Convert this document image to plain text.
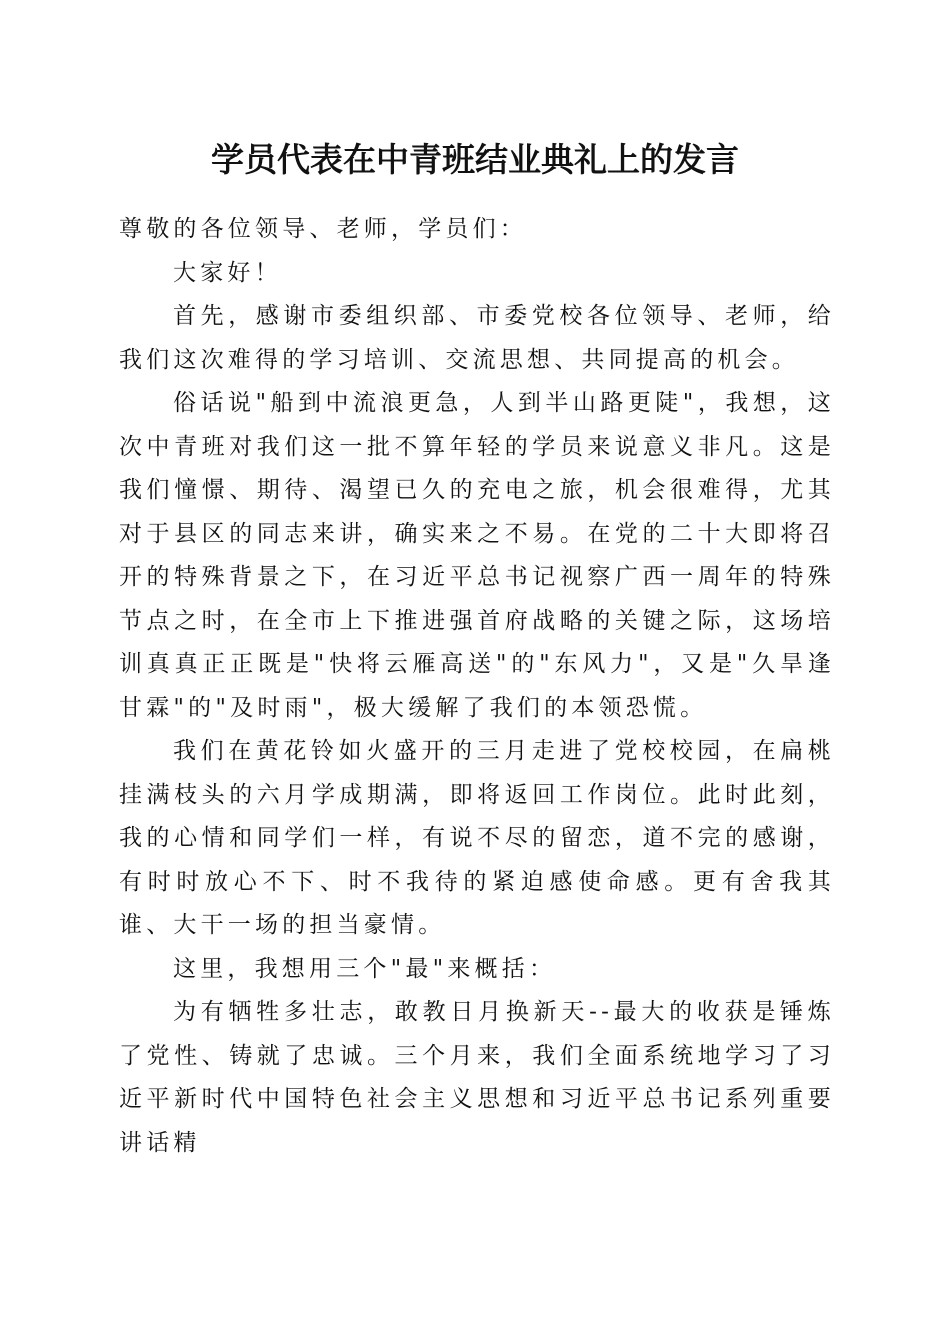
学员代表在中青班结业典礼上的发言

尊敬的各位领导、老师，学员们：

大家好！

首先，感谢市委组织部、市委党校各位领导、老师，给我们这次难得的学习培训、交流思想、共同提高的机会。

俗话说"船到中流浪更急，人到半山路更陡"，我想，这次中青班对我们这一批不算年轻的学员来说意义非凡。这是我们憧憬、期待、渴望已久的充电之旅，机会很难得，尤其对于县区的同志来讲，确实来之不易。在党的二十大即将召开的特殊背景之下，在习近平总书记视察广西一周年的特殊节点之时，在全市上下推进强首府战略的关键之际，这场培训真真正正既是"快将云雁高送"的"东风力"，又是"久旱逢甘霖"的"及时雨"，极大缓解了我们的本领恐慌。

我们在黄花铃如火盛开的三月走进了党校校园，在扁桃挂满枝头的六月学成期满，即将返回工作岗位。此时此刻，我的心情和同学们一样，有说不尽的留恋，道不完的感谢，有时时放心不下、时不我待的紧迫感使命感。更有舍我其谁、大干一场的担当豪情。

这里，我想用三个"最"来概括：

为有牺牲多壮志，敢教日月换新天--最大的收获是锤炼了党性、铸就了忠诚。三个月来，我们全面系统地学习了习近平新时代中国特色社会主义思想和习近平总书记系列重要讲话精
